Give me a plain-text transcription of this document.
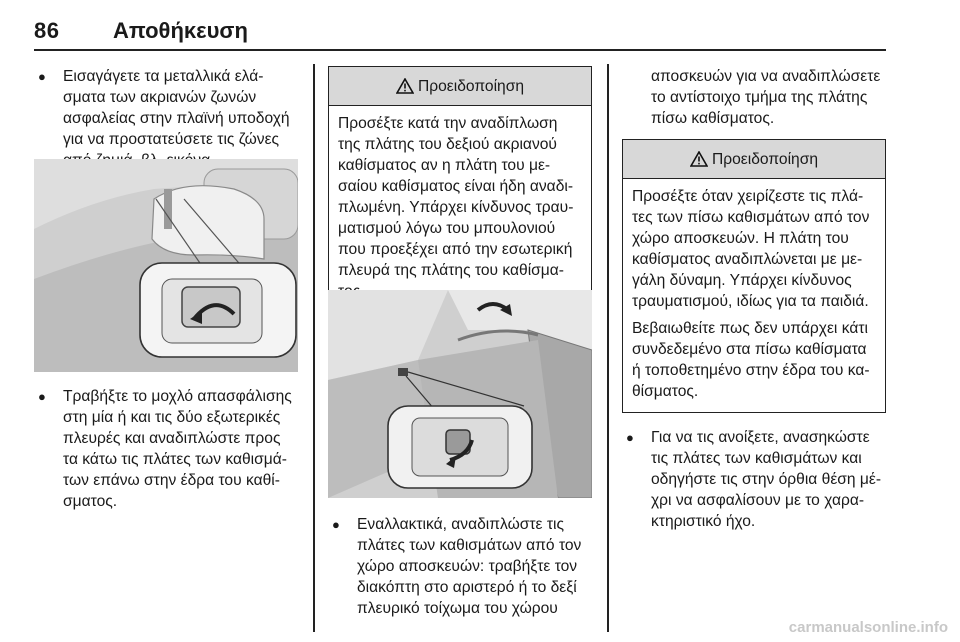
86 Αποθήκευση
● Εισαγάγετε τα μεταλλικά ελά-
σματα των ακριανών ζωνών
ασφαλείας στην πλαϊνή υποδοχή
για να προστατεύσετε τις ζώνες
● Τραβήξτε το μοχλό απασφάλισης
στη μία ή και τις δύο εξωτερικές
πλευρές και αναδιπλώστε προς
τα κάτω τις πλάτες των καθισμά-
των επάνω στην έδρα του καθί-
σματος.
Προειδοποίηση
Προσέξτε κατά την αναδίπλωση
της πλάτης του δεξιού ακριανού
καθίσματος αν η πλάτη του με-
σαίου καθίσματος είναι ήδη αναδι-
πλωμένη. Υπάρχει κίνδυνος τραυ-
ματισμού λόγω του μπουλονιού
που προεξέχει από την εσωτερική
πλευρά της πλάτης του καθίσμα-
● Εναλλακτικά, αναδιπλώστε τις
πλάτες των καθισμάτων από τον
χώρο αποσκευών: τραβήξτε τον
διακόπτη στο αριστερό ή το δεξί
πλευρικό τοίχωμα του χώρου
αποσκευών για να αναδιπλώσετε
το αντίστοιχο τμήμα της πλάτης
πίσω καθίσματος.
Προειδοποίηση

Προσέξτε όταν χειρίζεστε τις πλά-
τες των πίσω καθισμάτων από τον
χώρο αποσκευών. Η πλάτη του
καθίσματος αναδιπλώνεται με με-
γάλη δύναμη. Υπάρχει κίνδυνος
τραυματισμού, ιδίως για τα παιδιά.

Βεβαιωθείτε πως δεν υπάρχει κάτι
συνδεδεμένο στα πίσω καθίσματα
ή τοποθετημένο στην έδρα του κα-
θίσματος.

● Για να τις ανοίξετε, ανασηκώστε
τις πλάτες των καθισμάτων και
οδηγήστε τις στην όρθια θέση μέ-
χρι να ασφαλίσουν με το χαρα-
κτηριστικό ήχο.
carmanualsonline.info
